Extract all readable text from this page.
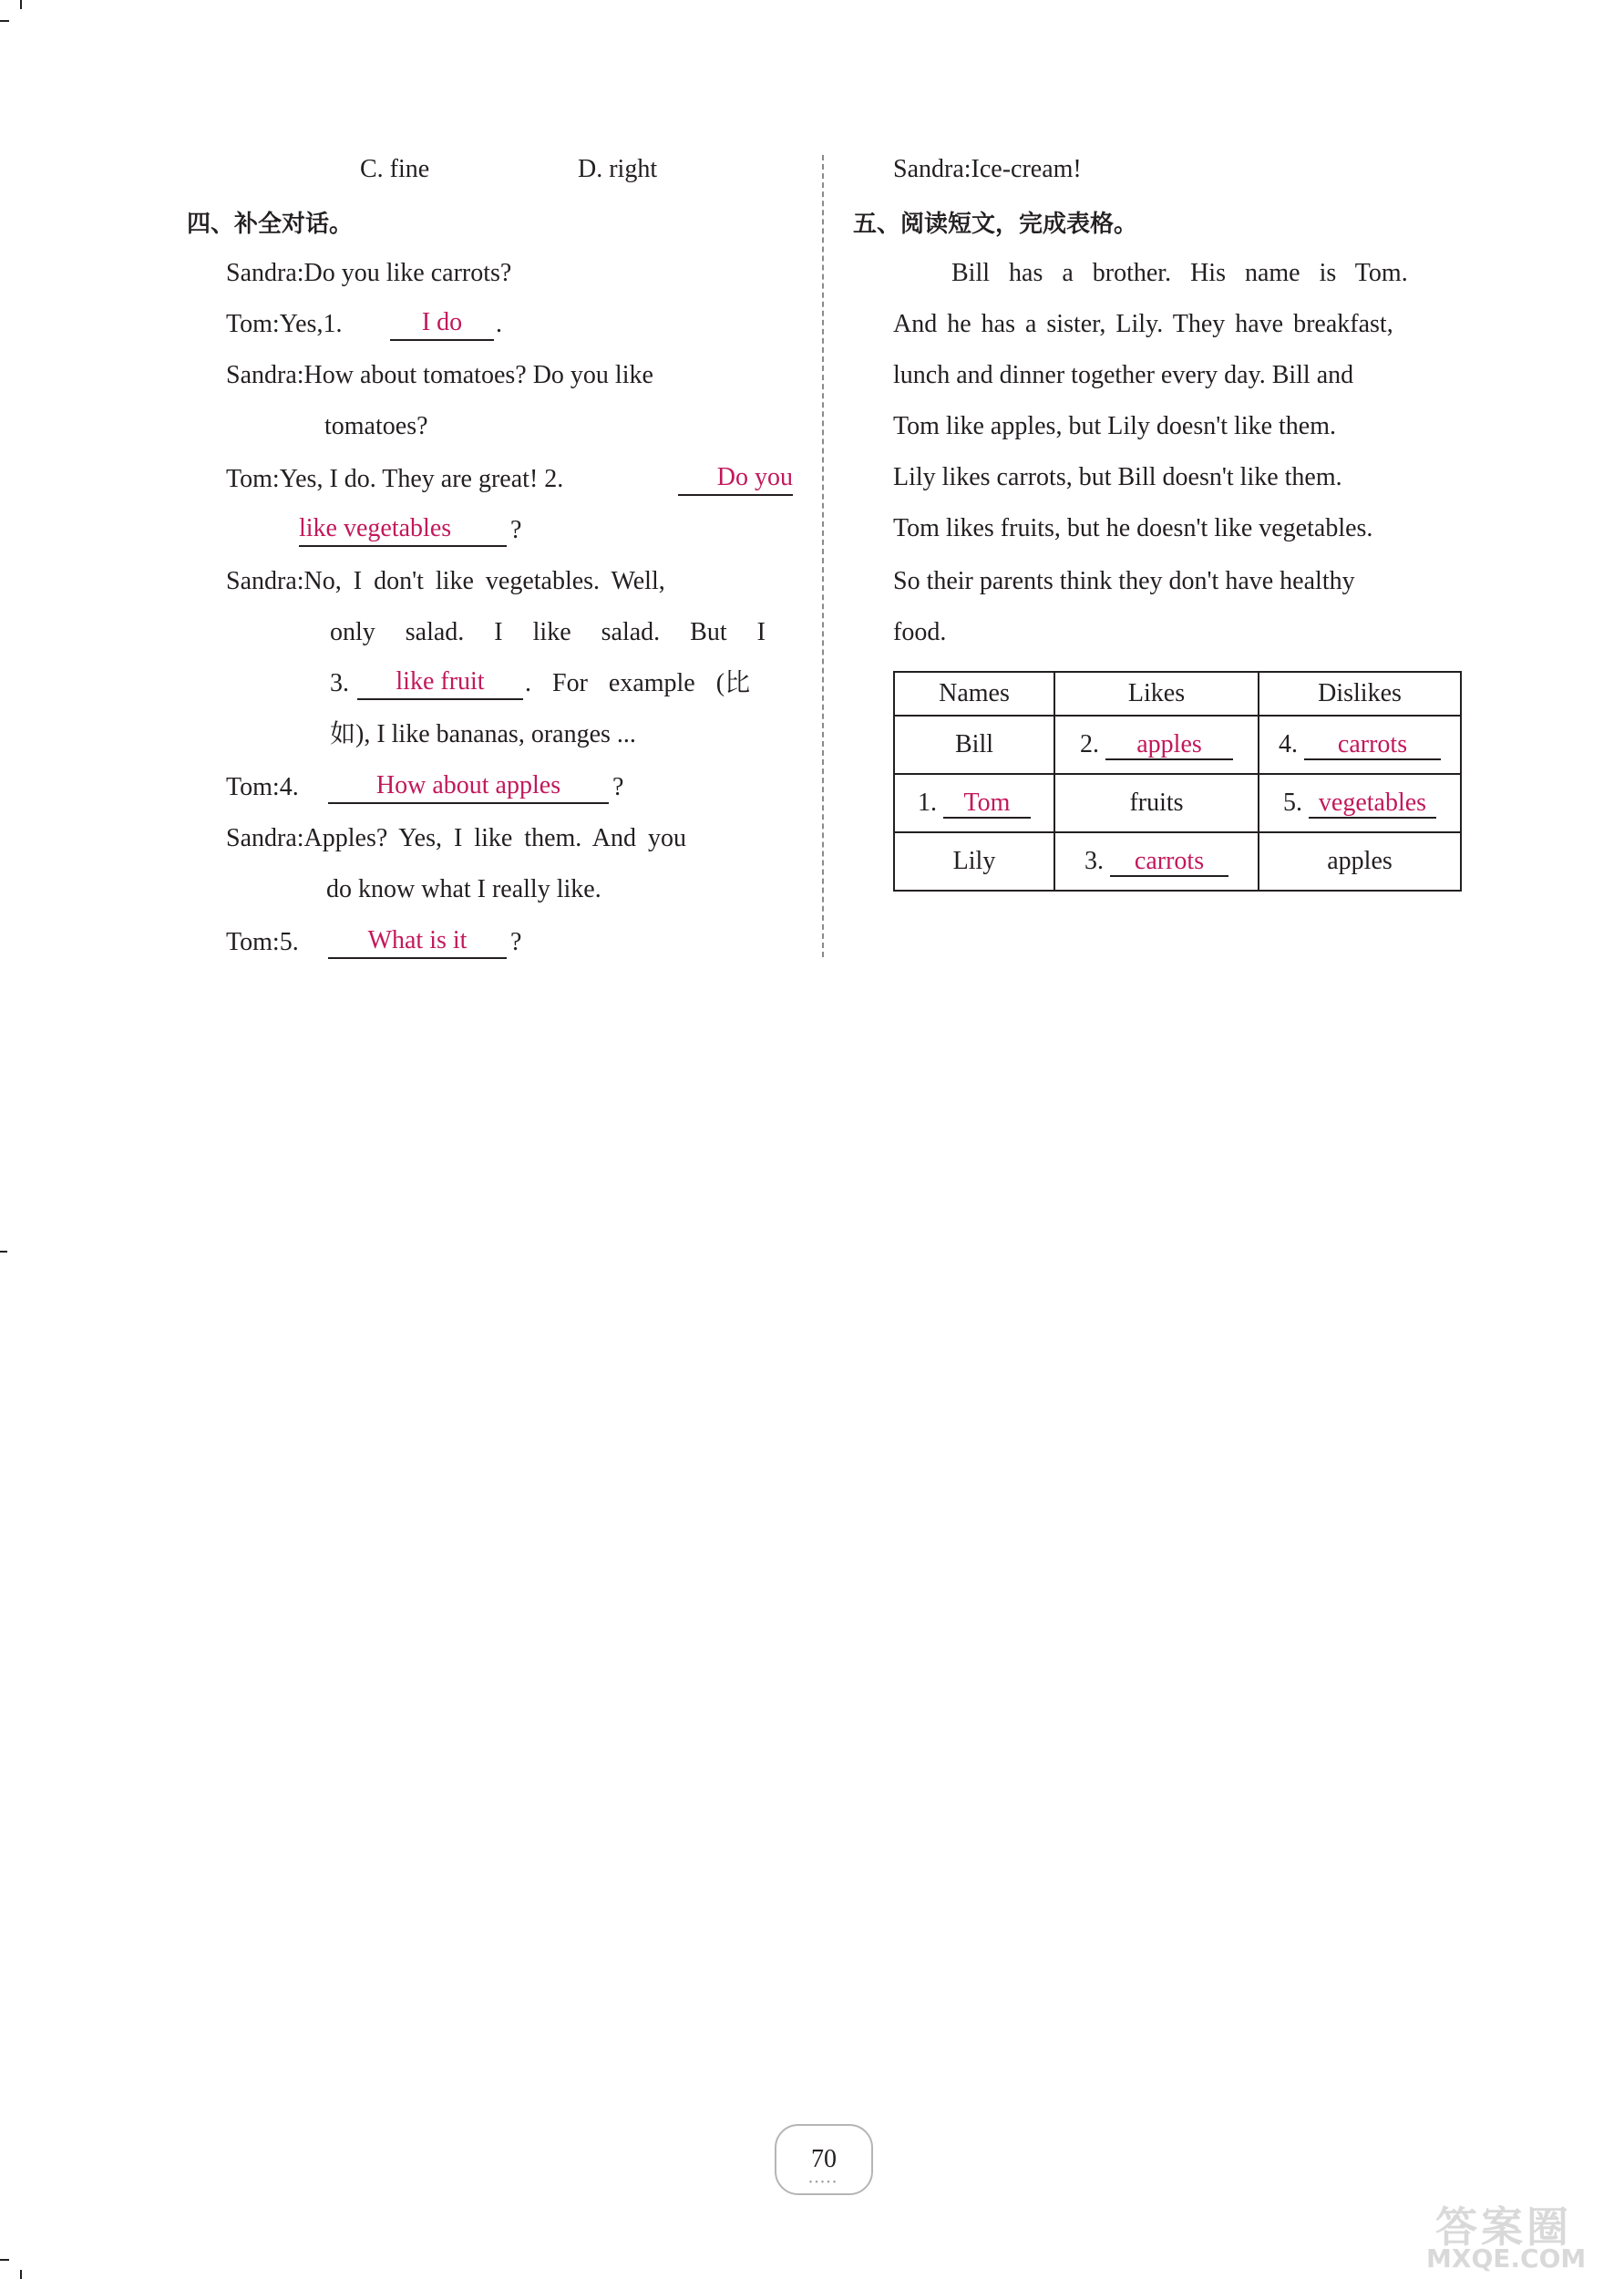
C. fine	D. right
四、补全对话。
Sandra:Do you like carrots?
Tom:Yes,1.	I do	.
Sandra:How about tomatoes? Do you like
tomatoes?
Tom:Yes, I do. They are great! 2.	Do you
like vegetables	?
Sandra:No, I don't like vegetables. Well,
only salad. I like salad. But I
3.	like fruit	. For example (比
如), I like bananas, oranges ...
Tom:4.	How about apples	?
Sandra:Apples? Yes, I like them. And you
do know what I really like.
Tom:5.	What is it	?
Sandra:Ice-cream!
五、阅读短文，完成表格。
Bill has a brother. His name is Tom.
And he has a sister, Lily. They have breakfast,
lunch and dinner together every day. Bill and
Tom like apples, but Lily doesn't like them.
Lily likes carrots, but Bill doesn't like them.
Tom likes fruits, but he doesn't like vegetables.
So their parents think they don't have healthy
food.
Names	Likes	Dislikes
Bill	2. apples	4. carrots
1. Tom	fruits	5. vegetables
Lily	3. carrots	apples
70
•••••
答案圈
MXQE.COM
